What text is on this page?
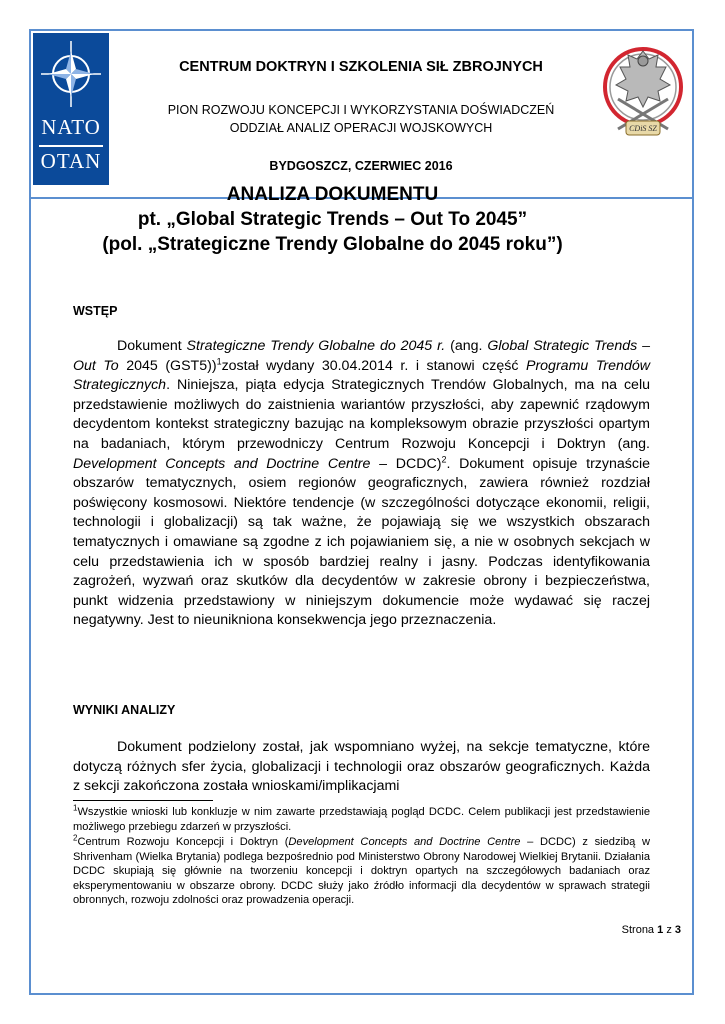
NATO
OTAN
CDiS SZ
CENTRUM DOKTRYN I SZKOLENIA SIŁ ZBROJNYCH
PION ROZWOJU KONCEPCJI I WYKORZYSTANIA DOŚWIADCZEŃ
ODDZIAŁ ANALIZ OPERACJI WOJSKOWYCH
BYDGOSZCZ, CZERWIEC 2016
ANALIZA DOKUMENTU
pt. „Global Strategic Trends – Out To 2045”
(pol. „Strategiczne Trendy Globalne do 2045 roku”)
WSTĘP

Dokument Strategiczne Trendy Globalne do 2045 r. (ang. Global Strategic Trends – Out To 2045 (GST5))$^1$został wydany 30.04.2014 r. i stanowi część Programu Trendów Strategicznych. Niniejsza, piąta edycja Strategicznych Trendów Globalnych, ma na celu przedstawienie możliwych do zaistnienia wariantów przyszłości, aby zapewnić rządowym decydentom kontekst strategiczny bazując na kompleksowym obrazie przyszłości opartym na badaniach, którym przewodniczy Centrum Rozwoju Koncepcji i Doktryn (ang. Development Concepts and Doctrine Centre – DCDC)$^2$. Dokument opisuje trzynaście obszarów tematycznych, osiem regionów geograficznych, zawiera również rozdział poświęcony kosmosowi. Niektóre tendencje (w szczególności dotyczące ekonomii, religii, technologii i globalizacji) są tak ważne, że pojawiają się we wszystkich obszarach tematycznych i omawiane są zgodne z ich pojawianiem się, a nie w osobnych sekcjach w celu przedstawienia ich w sposób bardziej realny i jasny. Podczas identyfikowania zagrożeń, wyzwań oraz skutków dla decydentów w zakresie obrony i bezpieczeństwa, punkt widzenia przedstawiony w niniejszym dokumencie może wydawać się raczej negatywny. Jest to nieunikniona konsekwencja jego przeznaczenia.

WYNIKI ANALIZY

Dokument podzielony został, jak wspomniano wyżej, na sekcje tematyczne, które dotyczą różnych sfer życia, globalizacji i technologii oraz obszarów geograficznych. Każda z sekcji zakończona została wnioskami/implikacjami

$^1$Wszystkie wnioski lub konkluzje w nim zawarte przedstawiają pogląd DCDC. Celem publikacji jest przedstawienie możliwego przebiegu zdarzeń w przyszłości.

$^2$Centrum Rozwoju Koncepcji i Doktryn (Development Concepts and Doctrine Centre – DCDC) z siedzibą w Shrivenham (Wielka Brytania) podlega bezpośrednio pod Ministerstwo Obrony Narodowej Wielkiej Brytanii. Działania DCDC skupiają się głównie na tworzeniu koncepcji i doktryn opartych na szczegółowych badaniach oraz eksperymentowaniu w obszarze obrony. DCDC służy jako źródło informacji dla decydentów w sprawach strategii obronnych, rozwoju zdolności oraz prowadzenia operacji.

Strona 1 z 3
